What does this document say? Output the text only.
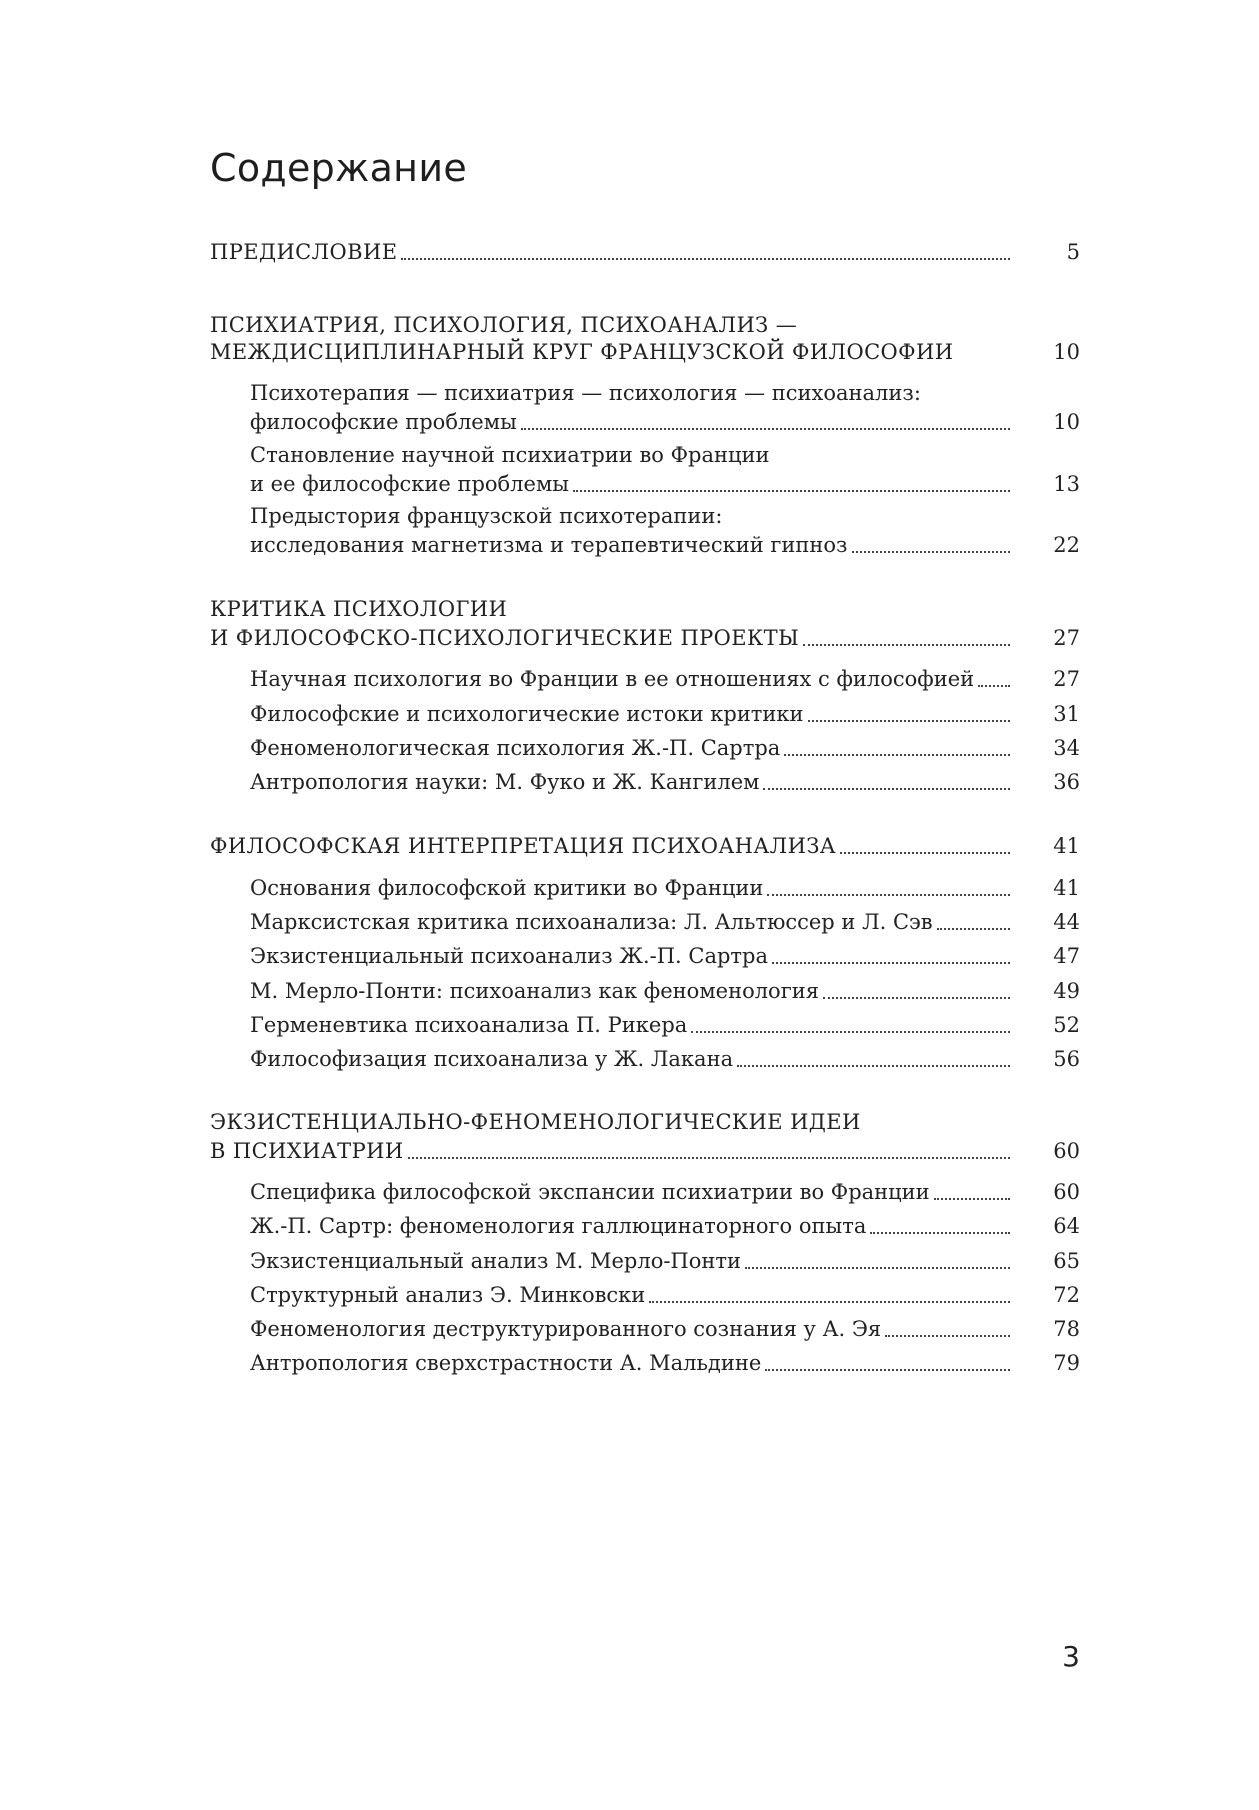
Содержание
ПРЕДИСЛОВИЕ	5
ПСИХИАТРИЯ, ПСИХОЛОГИЯ, ПСИХОАНАЛИЗ —
МЕЖДИСЦИПЛИНАРНЫЙ КРУГ ФРАНЦУЗСКОЙ ФИЛОСОФИИ	10
Психотерапия — психиатрия — психология — психоанализ:
философские проблемы	10
Становление научной психиатрии во Франции
и ее философские проблемы	13
Предыстория французской психотерапии:
исследования магнетизма и терапевтический гипноз	22
КРИТИКА ПСИХОЛОГИИ
И ФИЛОСОФСКО-ПСИХОЛОГИЧЕСКИЕ ПРОЕКТЫ	27
Научная психология во Франции в ее отношениях с философией	27
Философские и психологические истоки критики	31
Феноменологическая психология Ж.-П. Сартра	34
Антропология науки: М. Фуко и Ж. Кангилем	36
ФИЛОСОФСКАЯ ИНТЕРПРЕТАЦИЯ ПСИХОАНАЛИЗА	41
Основания философской критики во Франции	41
Марксистская критика психоанализа: Л. Альтюссер и Л. Сэв	44
Экзистенциальный психоанализ Ж.-П. Сартра	47
М. Мерло-Понти: психоанализ как феноменология	49
Герменевтика психоанализа П. Рикера	52
Философизация психоанализа у Ж. Лакана	56
ЭКЗИСТЕНЦИАЛЬНО-ФЕНОМЕНОЛОГИЧЕСКИЕ ИДЕИ
В ПСИХИАТРИИ	60
Специфика философской экспансии психиатрии во Франции	60
Ж.-П. Сартр: феноменология галлюцинаторного опыта	64
Экзистенциальный анализ М. Мерло-Понти	65
Структурный анализ Э. Минковски	72
Феноменология деструктурированного сознания у А. Эя	78
Антропология сверхстрастности А. Мальдине	79
3
